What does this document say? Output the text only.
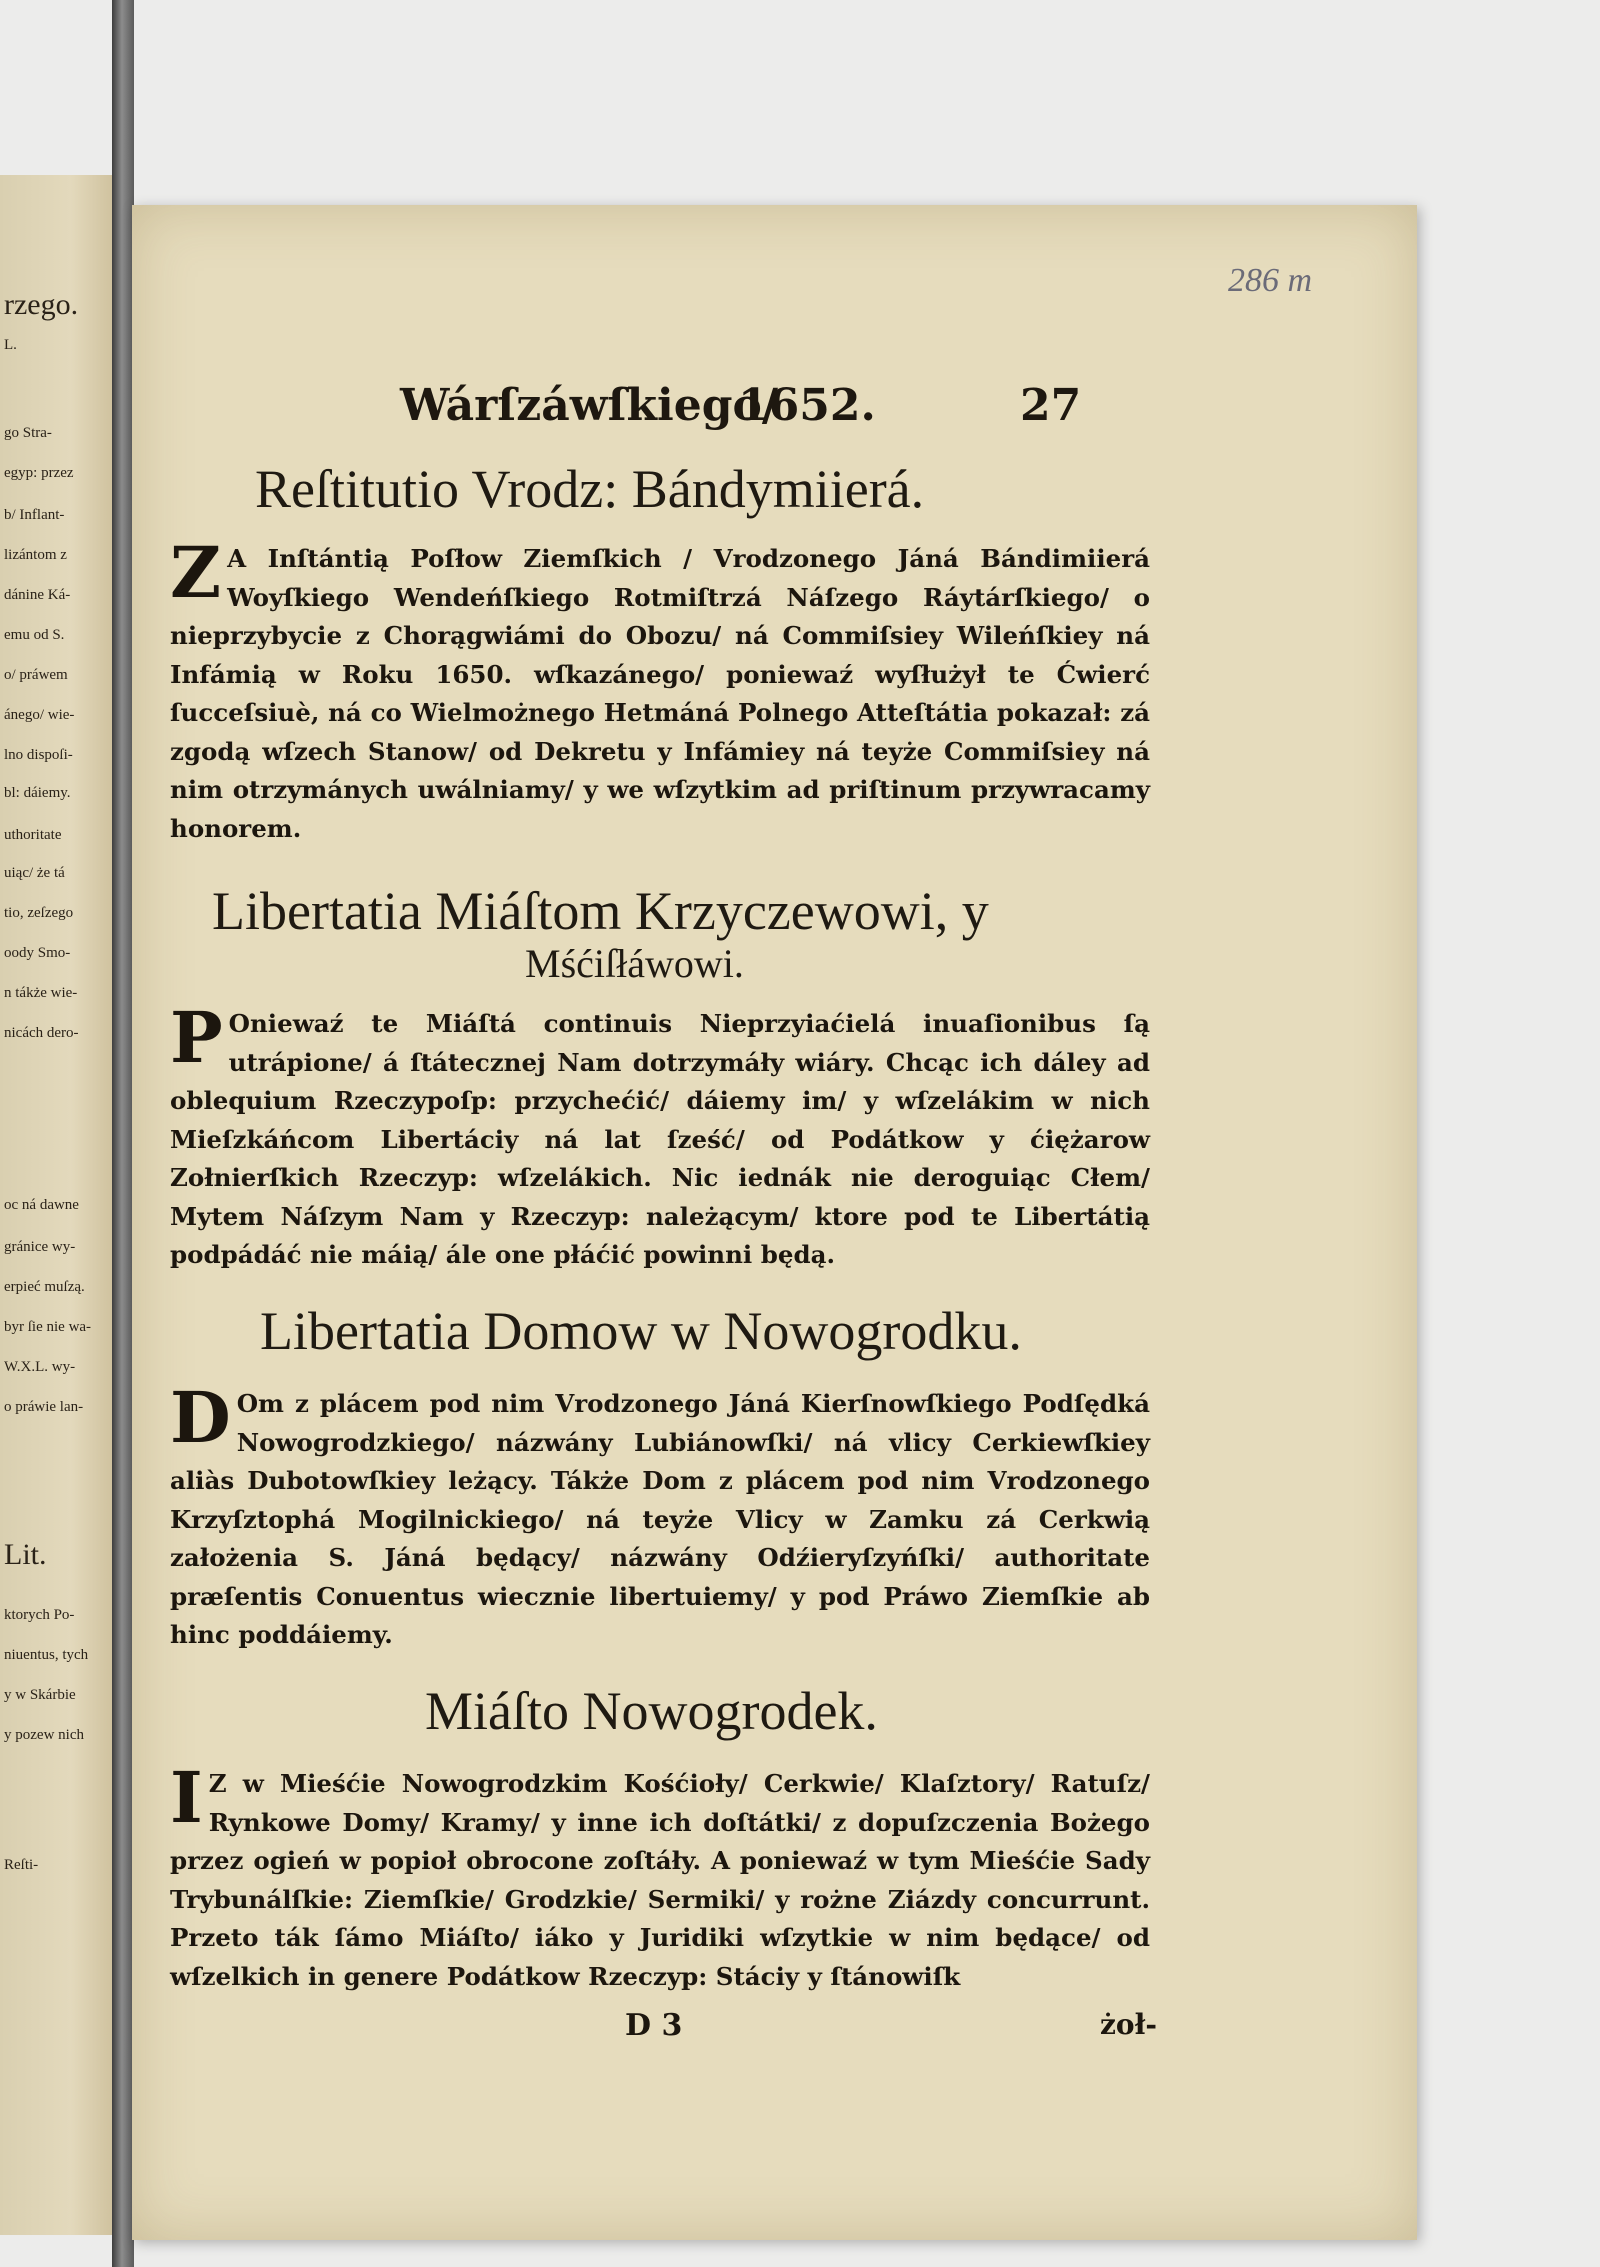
rzego.
L.
go Stra-
egyp: przez
b/ Inflant-
lizántom z
dánine Ká-
emu od S.
o/ práwem
ánego/ wie-
lno dispoſi-
bl: dáiemy.
uthoritate
uiąc/ że tá
tio, zeſzego
oody Smo-
n tákże wie-
nicách dero-
oc ná dawne
gránice wy-
erpieć muſzą.
byr ſie nie wa-
W.X.L. wy-
o práwie lan-
Lit.
ktorych Po-
niuentus, tych
y w Skárbie
y pozew nich
Reſti-
286 m
Wárſzáwſkiego/
1652.	27
Reſtitutio Vrodz: Bándymiierá.
Z A Inſtántią Poſłow Ziemſkich / Vrodzonego Jáná Bándimiierá Woyſkiego Wendeńſkiego Rotmiſtrzá Náſzego Ráytárſkiego/ o nieprzybycie z Chorągwiámi do Obozu/ ná Commiſsiey Wileńſkiey ná Infámią w Roku 1650. wſkazánego/ poniewaź wyſłużył te Ćwierć ſucceſsiuè, ná co Wielmożnego Hetmáná Polnego Atteſtátia pokazał: zá zgodą wſzech Stanow/ od Dekretu y Infámiey ná teyże Commiſsiey ná nim otrzymánych uwálniamy/ y we wſzytkim ad priſtinum przywracamy honorem.
Libertatia Miáſtom Krzyczewowi, y
Mśćiſłáwowi.
P Oniewaź te Miáſtá continuis Nieprzyiaćielá inuaſionibus ſą utrápione/ á ſtátecznej Nam dotrzymáły wiáry. Chcąc ich dáley ad oblequium Rzeczypoſp: przychećić/ dáiemy im/ y wſzelákim w nich Mieſzkáńcom Libertáciy ná lat ſześć/ od Podátkow y ćiężarow Zołnierſkich Rzeczyp: wſzelákich. Nic iednák nie deroguiąc Cłem/ Mytem Náſzym Nam y Rzeczyp: należącym/ ktore pod te Libertátią podpádáć nie máią/ ále one płáćić powinni będą.
Libertatia Domow w Nowogrodku.
D Om z plácem pod nim Vrodzonego Jáná Kierſnowſkiego Podſędká Nowogrodzkiego/ názwány Lubiánowſki/ ná vlicy Cerkiewſkiey aliàs Dubotowſkiey leżący. Tákże Dom z plácem pod nim Vrodzonego Krzyſztophá Mogilnickiego/ ná teyże Vlicy w Zamku zá Cerkwią założenia S. Jáná będący/ názwány Odźieryſzyńſki/ authoritate præſentis Conuentus wiecznie libertuiemy/ y pod Práwo Ziemſkie ab hinc poddáiemy.
Miáſto Nowogrodek.
I Z w Mieśćie Nowogrodzkim Kośćioły/ Cerkwie/ Klaſztory/ Ratuſz/ Rynkowe Domy/ Kramy/ y inne ich doſtátki/ z dopuſzczenia Bożego przez ogień w popioł obrocone zoſtáły. A poniewaź w tym Mieśćie Sady Trybunálſkie: Ziemſkie/ Grodzkie/ Sermiki/ y rożne Ziázdy concurrunt. Przeto ták ſámo Miáſto/ iáko y Juridiki wſzytkie w nim będące/ od wſzelkich in genere Podátkow Rzeczyp: Stáciy y ſtánowiſk
D 3	żoł-
